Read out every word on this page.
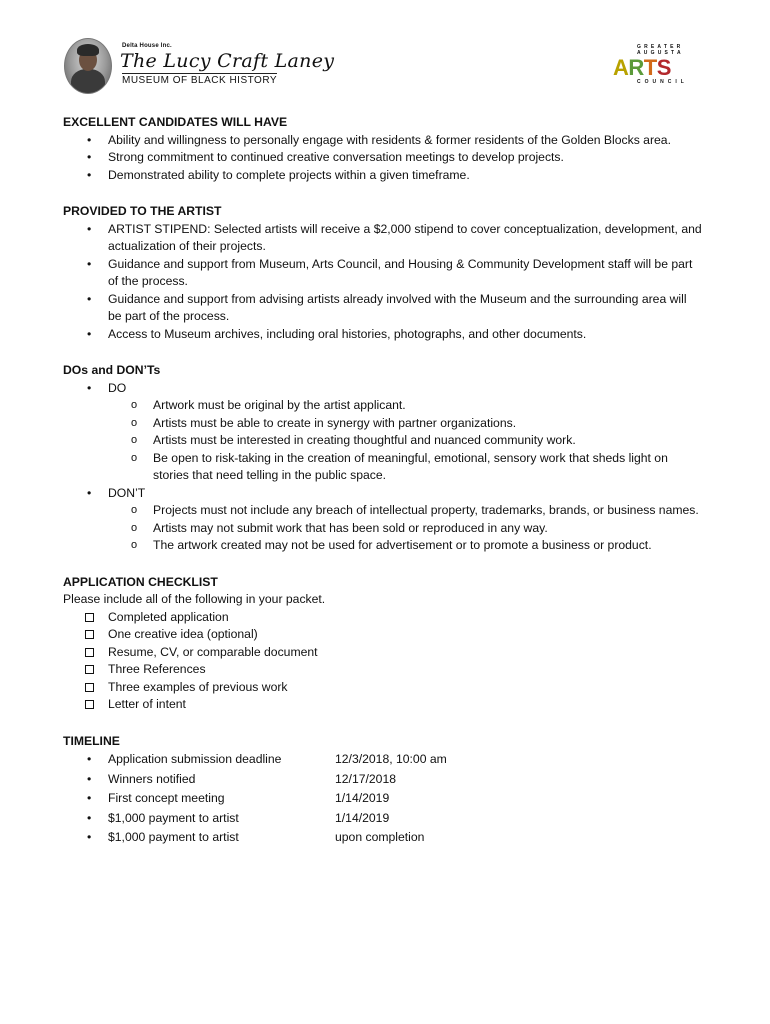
Delta House Inc.
The Lucy Craft Laney
MUSEUM OF BLACK HISTORY
GREATER
AUGUSTA
ARTS
COUNCIL

EXCELLENT CANDIDATES WILL HAVE

• Ability and willingness to personally engage with residents & former residents of the Golden Blocks area.
• Strong commitment to continued creative conversation meetings to develop projects.
• Demonstrated ability to complete projects within a given timeframe.

PROVIDED TO THE ARTIST

• ARTIST STIPEND: Selected artists will receive a $2,000 stipend to cover conceptualization, development, and actualization of their projects.
• Guidance and support from Museum, Arts Council, and Housing & Community Development staff will be part of the process.
• Guidance and support from advising artists already involved with the Museum and the surrounding area will be part of the process.
• Access to Museum archives, including oral histories, photographs, and other documents.

DOs and DON’Ts

• DO
o Artwork must be original by the artist applicant.
o Artists must be able to create in synergy with partner organizations.
o Artists must be interested in creating thoughtful and nuanced community work.
o Be open to risk-taking in the creation of meaningful, emotional, sensory work that sheds light on stories that need telling in the public space.
• DON’T
o Projects must not include any breach of intellectual property, trademarks, brands, or business names.
o Artists may not submit work that has been sold or reproduced in any way.
o The artwork created may not be used for advertisement or to promote a business or product.

APPLICATION CHECKLIST

Please include all of the following in your packet.

Completed application
One creative idea (optional)
Resume, CV, or comparable document
Three References
Three examples of previous work
Letter of intent

TIMELINE

• Application submission deadline	12/3/2018, 10:00 am
• Winners notified	12/17/2018
• First concept meeting	1/14/2019
• $1,000 payment to artist	1/14/2019
• $1,000 payment to artist	upon completion
